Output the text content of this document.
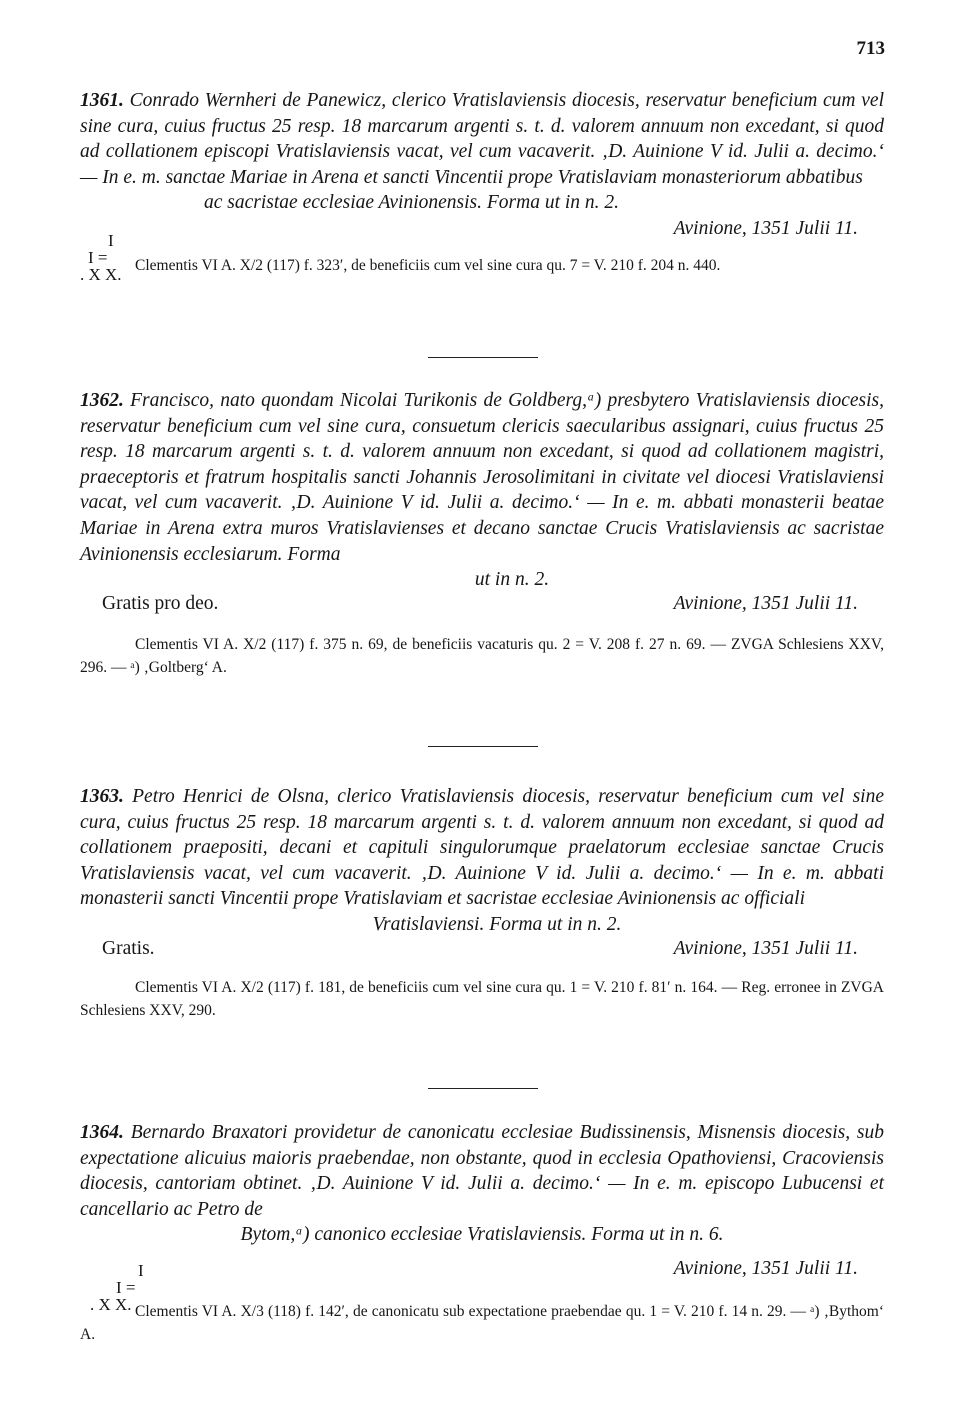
713

1361. Conrado Wernheri de Panewicz, clerico Vratislaviensis diocesis, reservatur beneficium cum vel sine cura, cuius fructus 25 resp. 18 marcarum argenti s. t. d. valorem annuum non excedant, si quod ad collationem episcopi Vratislaviensis vacat, vel cum vacaverit. ‚D. Auinione V id. Julii a. decimo.‘ — In e. m. sanctae Mariae in Arena et sancti Vincentii prope Vratislaviam monasteriorum abbatibus

ac sacristae ecclesiae Avinionensis. Forma ut in n. 2.
Avinione, 1351 Julii 11.

Clementis VI A. X/2 (117) f. 323′, de beneficiis cum vel sine cura qu. 7 = V. 210 f. 204 n. 440.

I
I =
. X X.

1362. Francisco, nato quondam Nicolai Turikonis de Goldberg,ᵃ) presbytero Vratislaviensis diocesis, reservatur beneficium cum vel sine cura, consuetum clericis saecularibus assignari, cuius fructus 25 resp. 18 marcarum argenti s. t. d. valorem annuum non excedant, si quod ad collationem magistri, praeceptoris et fratrum hospitalis sancti Johannis Jerosolimitani in civitate vel diocesi Vratislaviensi vacat, vel cum vacaverit. ‚D. Auinione V id. Julii a. decimo.‘ — In e. m. abbati monasterii beatae Mariae in Arena extra muros Vratislavienses et decano sanctae Crucis Vratislaviensis ac sacristae Avinionensis ecclesiarum. Forma

ut in n. 2.
Gratis pro deo.	Avinione, 1351 Julii 11.

Clementis VI A. X/2 (117) f. 375 n. 69, de beneficiis vacaturis qu. 2 = V. 208 f. 27 n. 69. — ZVGA Schlesiens XXV, 296. — ᵃ) ‚Goltberg‘ A.

1363. Petro Henrici de Olsna, clerico Vratislaviensis diocesis, reservatur beneficium cum vel sine cura, cuius fructus 25 resp. 18 marcarum argenti s. t. d. valorem annuum non excedant, si quod ad collationem praepositi, decani et capituli singulorumque praelatorum ecclesiae sanctae Crucis Vratislaviensis vacat, vel cum vacaverit. ‚D. Auinione V id. Julii a. decimo.‘ — In e. m. abbati monasterii sancti Vincentii prope Vratislaviam et sacristae ecclesiae Avinionensis ac officiali

Vratislaviensi. Forma ut in n. 2.
Gratis.	Avinione, 1351 Julii 11.

Clementis VI A. X/2 (117) f. 181, de beneficiis cum vel sine cura qu. 1 = V. 210 f. 81′ n. 164. — Reg. erronee in ZVGA Schlesiens XXV, 290.

1364. Bernardo Braxatori providetur de canonicatu ecclesiae Budissinensis, Misnensis diocesis, sub expectatione alicuius maioris praebendae, non obstante, quod in ecclesia Opathoviensi, Cracoviensis diocesis, cantoriam obtinet. ‚D. Auinione V id. Julii a. decimo.‘ — In e. m. episcopo Lubucensi et cancellario ac Petro de

Bytom,ᵃ) canonico ecclesiae Vratislaviensis. Forma ut in n. 6.
Avinione, 1351 Julii 11.

Clementis VI A. X/3 (118) f. 142′, de canonicatu sub expectatione praebendae qu. 1 = V. 210 f. 14 n. 29. — ᵃ) ‚Bythom‘ A.

I
I =
. X X.
